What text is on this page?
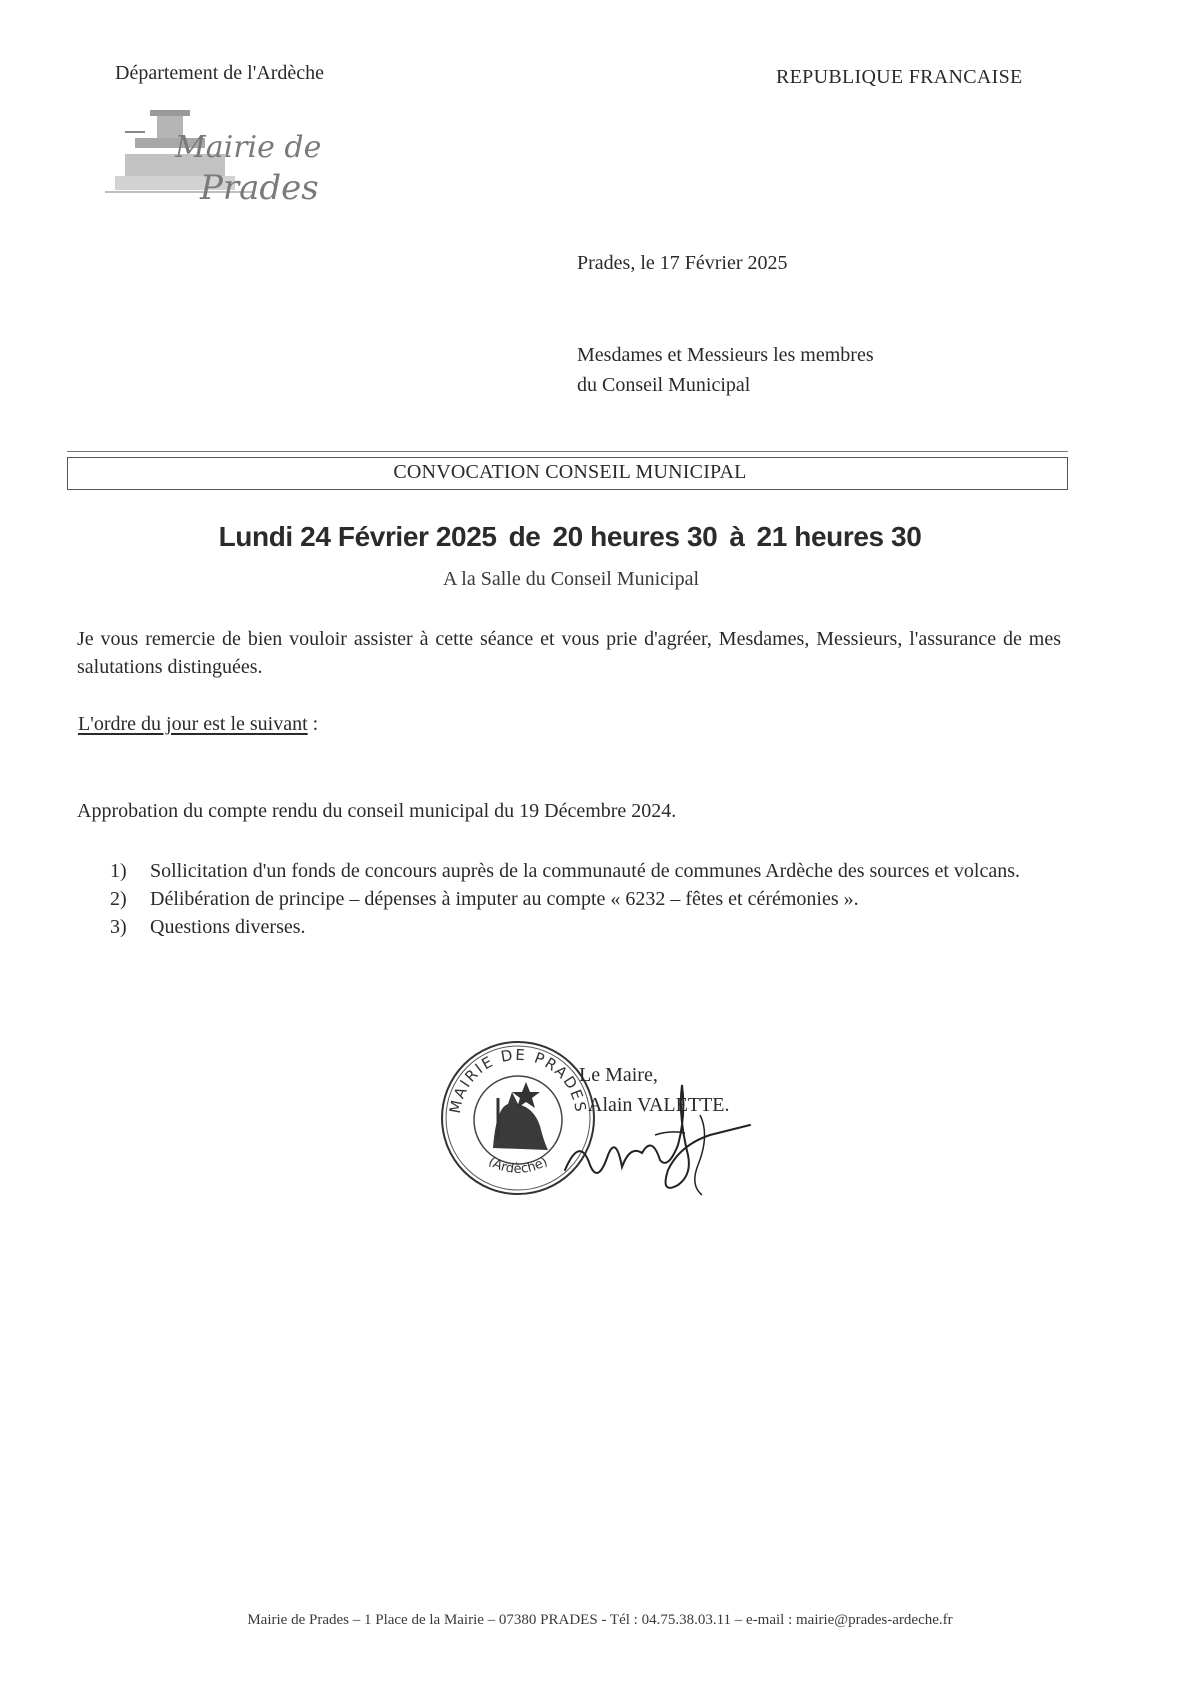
Département de l'Ardèche	REPUBLIQUE FRANCAISE
Mairie de
Prades
Prades, le 17 Février 2025
Mesdames et Messieurs les membres
du Conseil Municipal
CONVOCATION CONSEIL MUNICIPAL
Lundi 24 Février 2025 de 20 heures 30 à 21 heures 30
A la Salle du Conseil Municipal
Je vous remercie de bien vouloir assister à cette séance et vous prie d'agréer, Mesdames, Messieurs, l'assurance de mes salutations distinguées.
L'ordre du jour est le suivant :
Approbation du compte rendu du conseil municipal du 19 Décembre 2024.
1)	Sollicitation d'un fonds de concours auprès de la communauté de communes Ardèche des sources et volcans.
2)	Délibération de principe – dépenses à imputer au compte « 6232 – fêtes et cérémonies ».
3)	Questions diverses.
MAIRIE DE PRADES
(Ardèche)
Le Maire,
Alain VALETTE.
Mairie de Prades – 1 Place de la Mairie – 07380 PRADES - Tél : 04.75.38.03.11 – e-mail : mairie@prades-ardeche.fr
